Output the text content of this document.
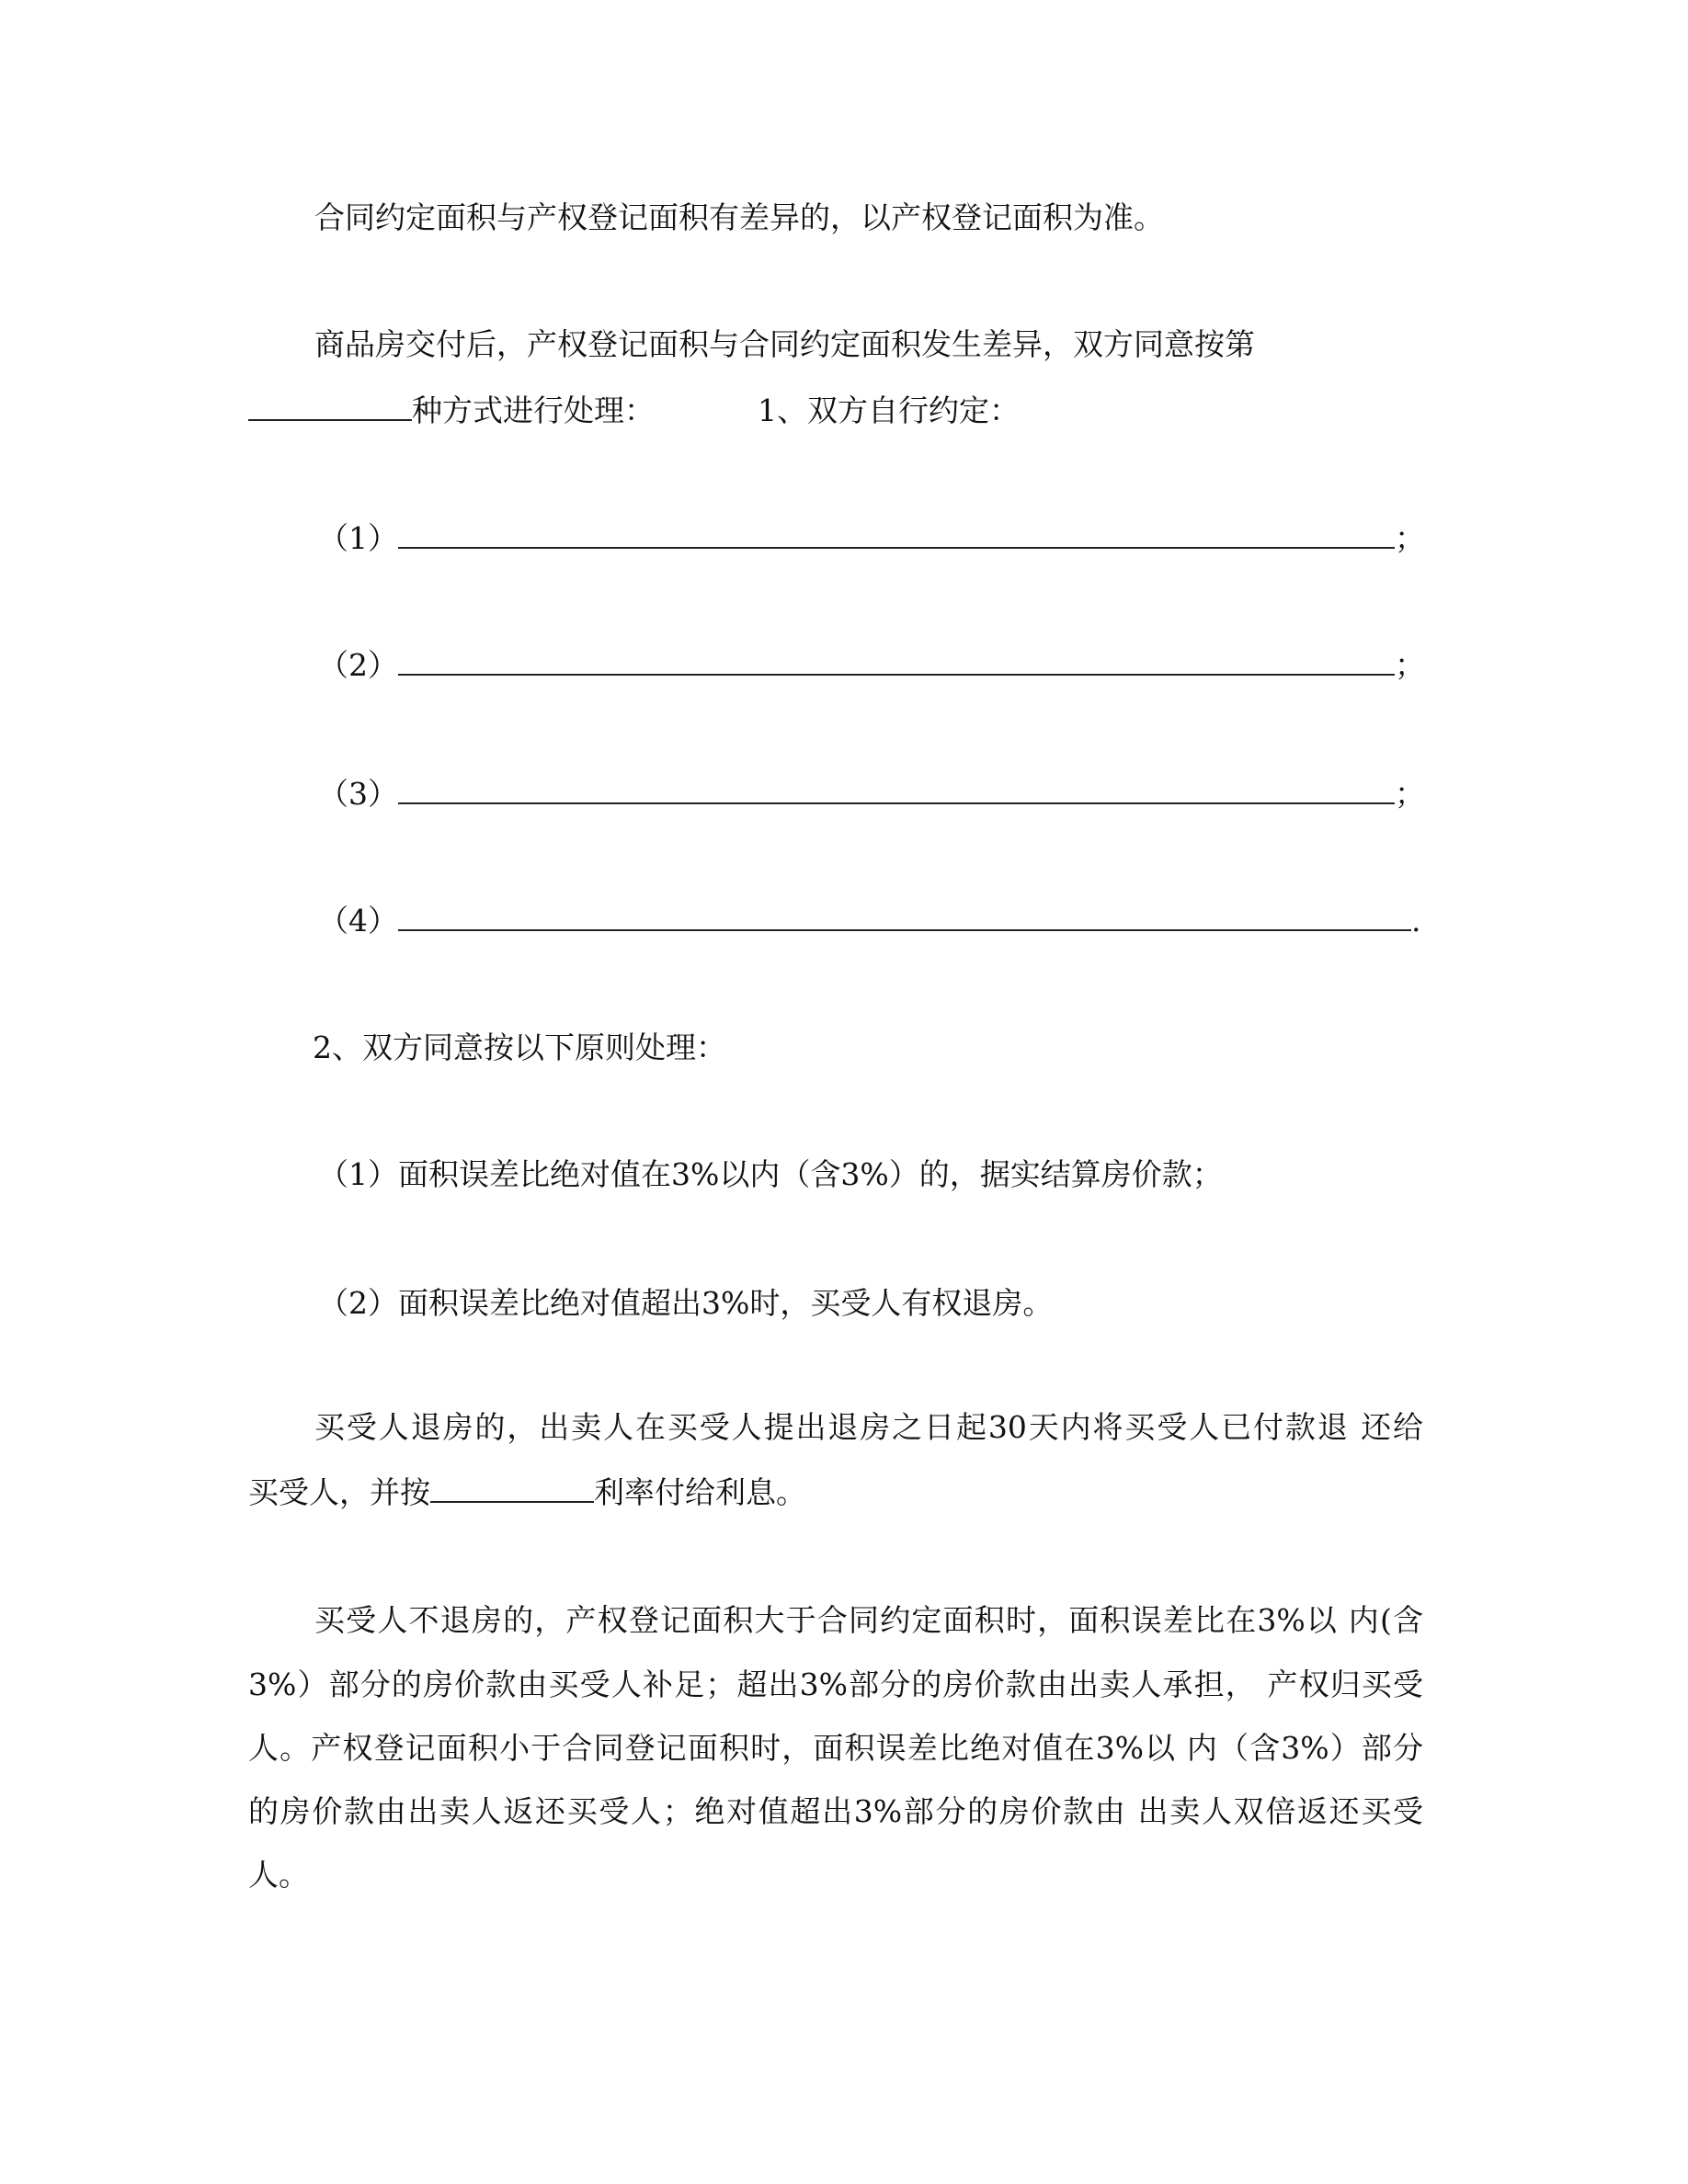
合同约定面积与产权登记面积有差异的，以产权登记面积为准。
商品房交付后，产权登记面积与合同约定面积发生差异，双方同意按第
种方式进行处理：	1、双方自行约定：
（1）	；
（2）	；
（3）	；
（4）	.
2、双方同意按以下原则处理：
（1）面积误差比绝对值在3%以内（含3%）的，据实结算房价款；
（2）面积误差比绝对值超出3%时，买受人有权退房。
买受人退房的，出卖人在买受人提出退房之日起30天内将买受人已付款退 还给
买受人，并按	利率付给利息。
买受人不退房的，产权登记面积大于合同约定面积时，面积误差比在3%以 内(含
3%）部分的房价款由买受人补足；超出3%部分的房价款由出卖人承担， 产权归买受
人。产权登记面积小于合同登记面积时，面积误差比绝对值在3%以 内（含3%）部分
的房价款由出卖人返还买受人；绝对值超出3%部分的房价款由 出卖人双倍返还买受
人。
